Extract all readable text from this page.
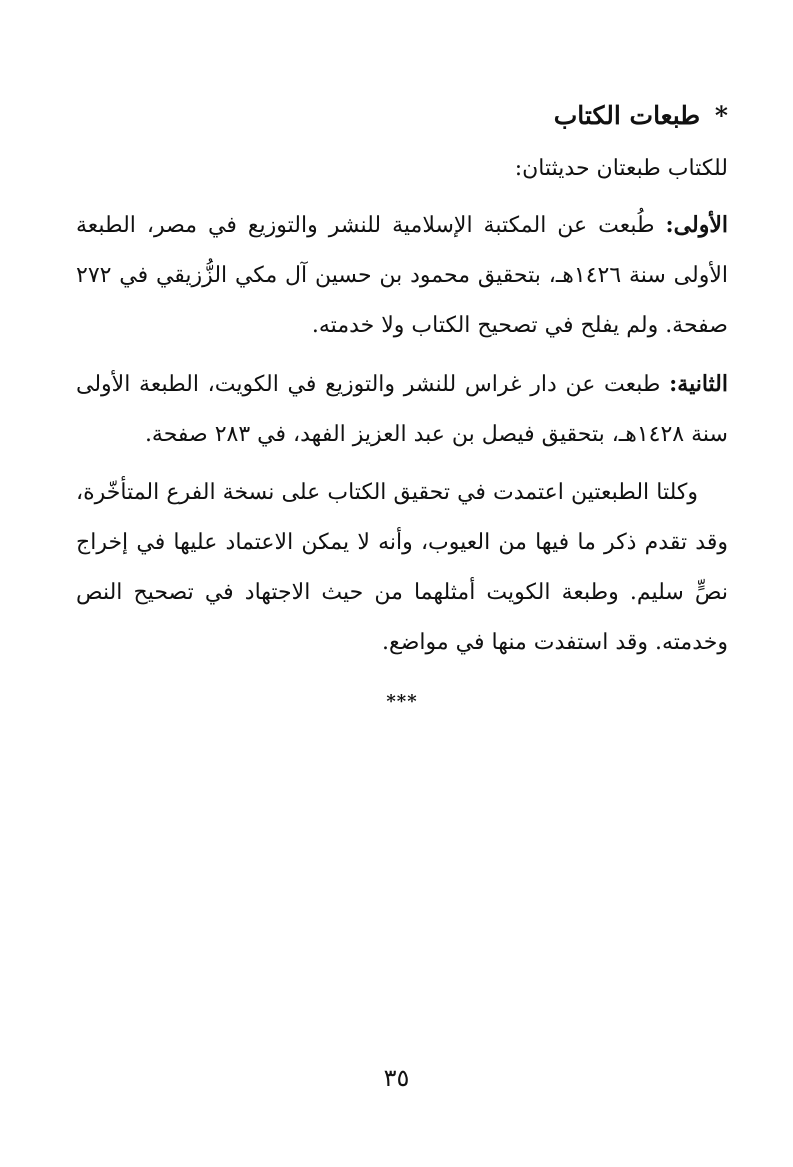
* طبعات الكتاب

للكتاب طبعتان حديثتان:

الأولى: طُبعت عن المكتبة الإسلامية للنشر والتوزيع في مصر، الطبعة الأولى سنة ١٤٢٦هـ، بتحقيق محمود بن حسين آل مكي الزُّزيقي في ٢٧٢ صفحة. ولم يفلح في تصحيح الكتاب ولا خدمته.

الثانية: طبعت عن دار غراس للنشر والتوزيع في الكويت، الطبعة الأولى سنة ١٤٢٨هـ، بتحقيق فيصل بن عبد العزيز الفهد، في ٢٨٣ صفحة.

وكلتا الطبعتين اعتمدت في تحقيق الكتاب على نسخة الفرع المتأخّرة، وقد تقدم ذكر ما فيها من العيوب، وأنه لا يمكن الاعتماد عليها في إخراج نصٍّ سليم. وطبعة الكويت أمثلهما من حيث الاجتهاد في تصحيح النص وخدمته. وقد استفدت منها في مواضع.

***
٣٥
